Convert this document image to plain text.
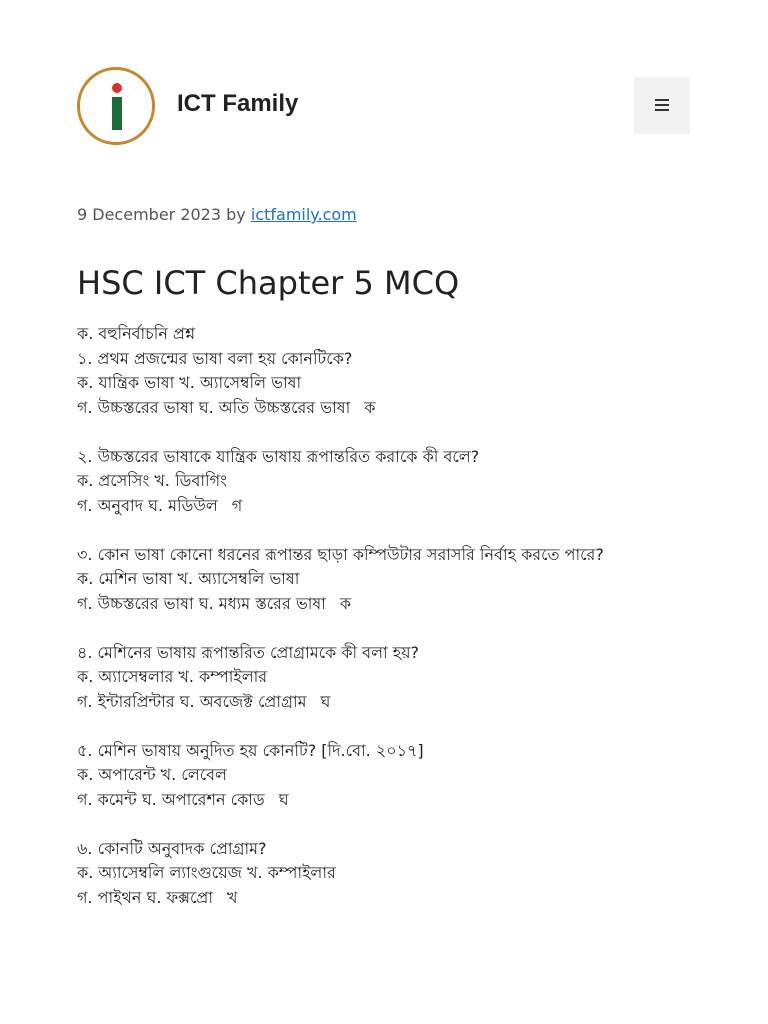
ICT Family
9 December 2023 by ictfamily.com
HSC ICT Chapter 5 MCQ
ক. বহুনির্বাচনি প্রশ্ন
১. প্রথম প্রজন্মের ভাষা বলা হয় কোনটিকে?
ক. যান্ত্রিক ভাষা খ. অ্যাসেম্বলি ভাষা
গ. উচ্চস্তরের ভাষা ঘ. অতি উচ্চস্তরের ভাষা ক
২. উচ্চস্তরের ভাষাকে যান্ত্রিক ভাষায় রূপান্তরিত করাকে কী বলে?
ক. প্রসেসিং খ. ডিবাগিং
গ. অনুবাদ ঘ. মডিউল গ
৩. কোন ভাষা কোনো ধরনের রূপান্তর ছাড়া কম্পিউটার সরাসরি নির্বাহ করতে পারে?
ক. মেশিন ভাষা খ. অ্যাসেম্বলি ভাষা
গ. উচ্চস্তরের ভাষা ঘ. মধ্যম স্তরের ভাষা ক
৪. মেশিনের ভাষায় রূপান্তরিত প্রোগ্রামকে কী বলা হয়?
ক. অ্যাসেম্বলার খ. কম্পাইলার
গ. ইন্টারপ্রিন্টার ঘ. অবজেক্ট প্রোগ্রাম ঘ
৫. মেশিন ভাষায় অনুদিত হয় কোনটি? [দি.বো. ২০১৭]
ক. অপারেন্ট খ. লেবেল
গ. কমেন্ট ঘ. অপারেশন কোড ঘ
৬. কোনটি অনুবাদক প্রোগ্রাম?
ক. অ্যাসেম্বলি ল্যাংগুয়েজ খ. কম্পাইলার
গ. পাইথন ঘ. ফক্সপ্রো খ
